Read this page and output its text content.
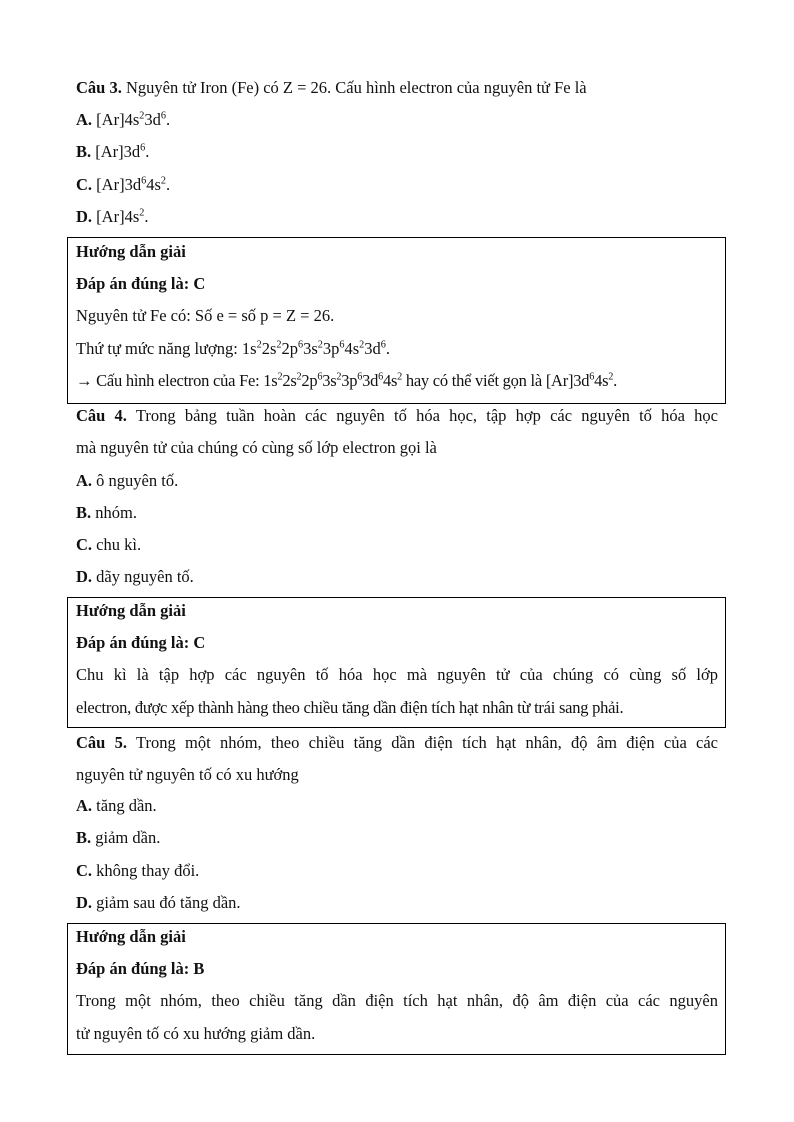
Câu 3. Nguyên tử Iron (Fe) có Z = 26. Cấu hình electron của nguyên tử Fe là
A. $[Ar]4s^23d^6$.
B. $[Ar]3d^6$.
C. $[Ar]3d^64s^2$.
D. $[Ar]4s^2$.
Hướng dẫn giải
Đáp án đúng là: C
Nguyên tử Fe có: Số e = số p = Z = 26.
Thứ tự mức năng lượng: $1s^22s^22p^63s^23p^64s^23d^6$.
→ Cấu hình electron của Fe: $1s^22s^22p^63s^23p^63d^64s^2$ hay có thể viết gọn là $[Ar]3d^64s^2$.
Câu 4. Trong bảng tuần hoàn các nguyên tố hóa học, tập hợp các nguyên tố hóa học
mà nguyên tử của chúng có cùng số lớp electron gọi là
A. ô nguyên tố.
B. nhóm.
C. chu kì.
D. dãy nguyên tố.
Hướng dẫn giải
Đáp án đúng là: C
Chu kì là tập hợp các nguyên tố hóa học mà nguyên tử của chúng có cùng số lớp
electron, được xếp thành hàng theo chiều tăng dần điện tích hạt nhân từ trái sang phải.
Câu 5. Trong một nhóm, theo chiều tăng dần điện tích hạt nhân, độ âm điện của các
nguyên tử nguyên tố có xu hướng
A. tăng dần.
B. giảm dần.
C. không thay đổi.
D. giảm sau đó tăng dần.
Hướng dẫn giải
Đáp án đúng là: B
Trong một nhóm, theo chiều tăng dần điện tích hạt nhân, độ âm điện của các nguyên
tử nguyên tố có xu hướng giảm dần.
